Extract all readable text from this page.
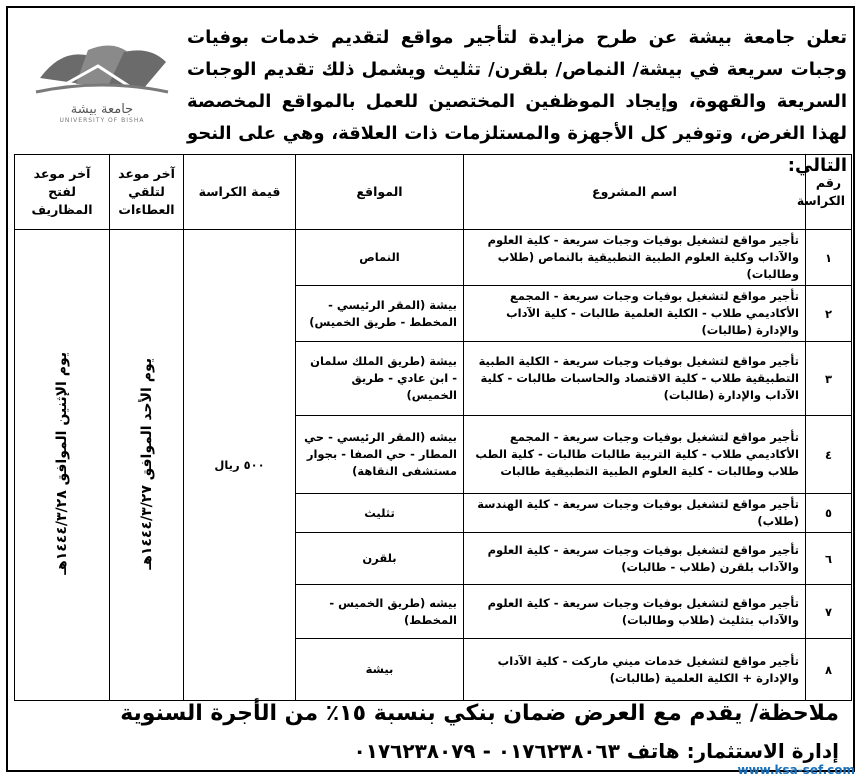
جامعة بيشة
UNIVERSITY OF BISHA
تعلن جامعة بيشة عن طرح مزايدة لتأجير مواقع لتقديم خدمات بوفيات وجبات سريعة في بيشة/ النماص/ بلقرن/ تثليث ويشمل ذلك تقديم الوجبات السريعة والقهوة، وإيجاد الموظفين المختصين للعمل بالمواقع المخصصة لهذا الغرض، وتوفير كل الأجهزة والمستلزمات ذات العلاقة، وهي على النحو التالي:
رقم الكراسة	اسم المشروع	المواقع	قيمة الكراسة	آخر موعد لتلقي العطاءات	آخر موعد لفتح المظاريف
١	تأجير مواقع لتشغيل بوفيات وجبات سريعة - كلية العلوم والآداب وكلية العلوم الطبية التطبيقية بالنماص (طلاب وطالبات)	النماص	٥٠٠ ريال	يوم الأحد الموافق ١٤٤٤/٣/٢٧هـ	يوم الإثنين الموافق ١٤٤٤/٣/٢٨هـ
٢	تأجير مواقع لتشغيل بوفيات وجبات سريعة - المجمع الأكاديمي طلاب - الكلية العلمية طالبات - كلية الآداب والإدارة (طالبات)	بيشة (المقر الرئيسي - المخطط - طريق الخميس)			
٣	تأجير مواقع لتشغيل بوفيات وجبات سريعة - الكلية الطبية التطبيقية طلاب - كلية الاقتصاد والحاسبات طالبات - كلية الآداب والإدارة (طالبات)	بيشة (طريق الملك سلمان - ابن عادي - طريق الخميس)			
٤	تأجير مواقع لتشغيل بوفيات وجبات سريعة - المجمع الأكاديمي طلاب - كلية التربية طالبات طالبات - كلية الطب طلاب وطالبات - كلية العلوم الطبية التطبيقية طالبات	بيشه (المقر الرئيسي - حي المطار - حي الصفا - بجوار مستشفى النقاهة)			
٥	تأجير مواقع لتشغيل بوفيات وجبات سريعة - كلية الهندسة (طلاب)	تثليث			
٦	تأجير مواقع لتشغيل بوفيات وجبات سريعة - كلية العلوم والآداب بلقرن (طلاب - طالبات)	بلقرن			
٧	تأجير مواقع لتشغيل بوفيات وجبات سريعة - كلية العلوم والآداب بتثليث (طلاب وطالبات)	بيشه (طريق الخميس - المخطط)			
٨	تأجير مواقع لتشغيل خدمات ميني ماركت - كلية الآداب والإدارة + الكلية العلمية (طالبات)	بيشة			
ملاحظة/ يقدم مع العرض ضمان بنكي بنسبة ١٥٪ من الأجرة السنوية
إدارة الاستثمار: هاتف ٠١٧٦٢٣٨٠٦٣ - ٠١٧٦٢٣٨٠٧٩
www.ksa-sef.com
